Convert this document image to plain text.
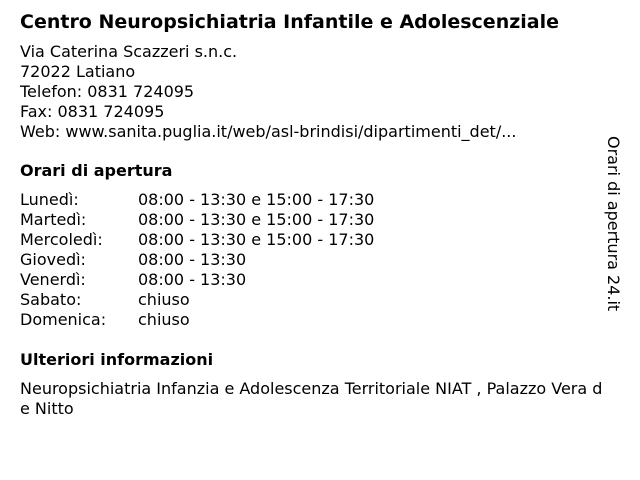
Centro Neuropsichiatria Infantile e Adolescenziale
Via Caterina Scazzeri s.n.c.
72022 Latiano
Telefon: 0831 724095
Fax: 0831 724095
Web: www.sanita.puglia.it/web/asl-brindisi/dipartimenti_det/...
Orari di apertura
Lunedì:	08:00 - 13:30 e 15:00 - 17:30
Martedì:	08:00 - 13:30 e 15:00 - 17:30
Mercoledì:	08:00 - 13:30 e 15:00 - 17:30
Giovedì:	08:00 - 13:30
Venerdì:	08:00 - 13:30
Sabato:	chiuso
Domenica:	chiuso
Ulteriori informazioni
Neuropsichiatria Infanzia e Adolescenza Territoriale NIAT , Palazzo Vera de Nitto
Orari di apertura 24.it
